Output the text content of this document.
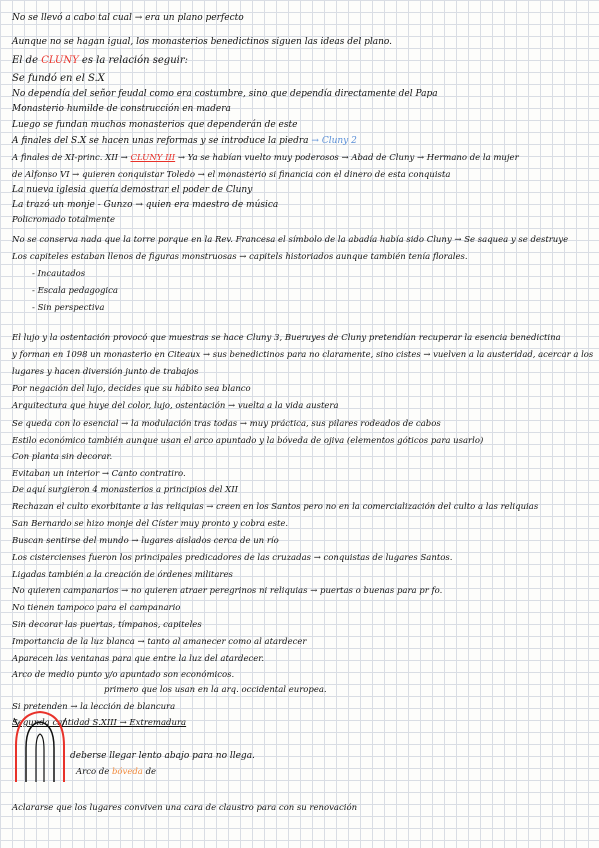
No se llevó a cabo tal cual → era un plano perfecto
Aunque no se hagan igual, los monasterios benedictinos siguen las ideas del plano.
El de CLUNY es la relación seguir:
Se fundó en el S.X
No dependía del señor feudal como era costumbre, sino que dependía directamente del Papa
Monasterio humilde de construcción en madera
Luego se fundan muchos monasterios que dependerán de este
A finales del S.X se hacen unas reformas y se introduce la piedra → Cluny 2
A finales de XI-princ. XII → CLUNY III → Ya se habían vuelto muy poderosos → Abad de Cluny → Hermano de la mujer
de Alfonso VI → quieren conquistar Toledo → el monasterio si financia con el dinero de esta conquista
La nueva iglesia quería demostrar el poder de Cluny
La trazó un monje - Gunzo → quien era maestro de música
Policromado totalmente
No se conserva nada que la torre porque en la Rev. Francesa el símbolo de la abadía había sido Cluny → Se saquea y se destruye
Los capiteles estaban llenos de figuras monstruosas → capitels historiados aunque también tenía florales.
- Incautados
- Escala pedagogica
- Sin perspectiva
El lujo y la ostentación provocó que muestras se hace Cluny 3, Bueruyes de Cluny pretendían recuperar la esencia benedictina
y forman en 1098 un monasterio en Citeaux → sus benedictinos para no claramente, sino cistes → vuelven a la austeridad, acercar a los
lugares y hacen diversión junto de trabajos
Por negación del lujo, decides que su hábito sea blanco
Arquitectura que huye del color, lujo, ostentación → vuelta a la vida austera
Se queda con lo esencial → la modulación tras todas → muy práctica, sus pilares rodeados de cabos
Estilo económico también aunque usan el arco apuntado y la bóveda de ojiva (elementos góticos para usarlo)
Con planta sin decorar.
Evitaban un interior → Canto contratiro.
De aquí surgieron 4 monasterios a principios del XII
Rechazan el culto exorbitante a las reliquias → creen en los Santos pero no en la comercialización del culto a las reliquias
San Bernardo se hizo monje del Císter muy pronto y cobra este.
Buscan sentirse del mundo → lugares aislados cerca de un río
Los cistercienses fueron los principales predicadores de las cruzadas → conquistas de lugares Santos.
Ligadas también a la creación de órdenes militares
No quieren campanarios → no quieren atraer peregrinos ni reliquias → puertas o buenas para pr fo.
No tienen tampoco para el campanario
Sin decorar las puertas, tímpanos, capiteles
Importancia de la luz blanca → tanto al amanecer como al atardecer
Aparecen las ventanas para que entre la luz del atardecer.
Arco de medio punto y/o apuntado son económicos.
primero que los usan en la arq. occidental europea.
Si pretenden → la lección de blancura
Segunda cantidad S.XIII → Extremadura
deberse llegar lento abajo para no llega.
Arco de bóveda de
Aclararse que los lugares conviven una cara de claustro para con su renovación
